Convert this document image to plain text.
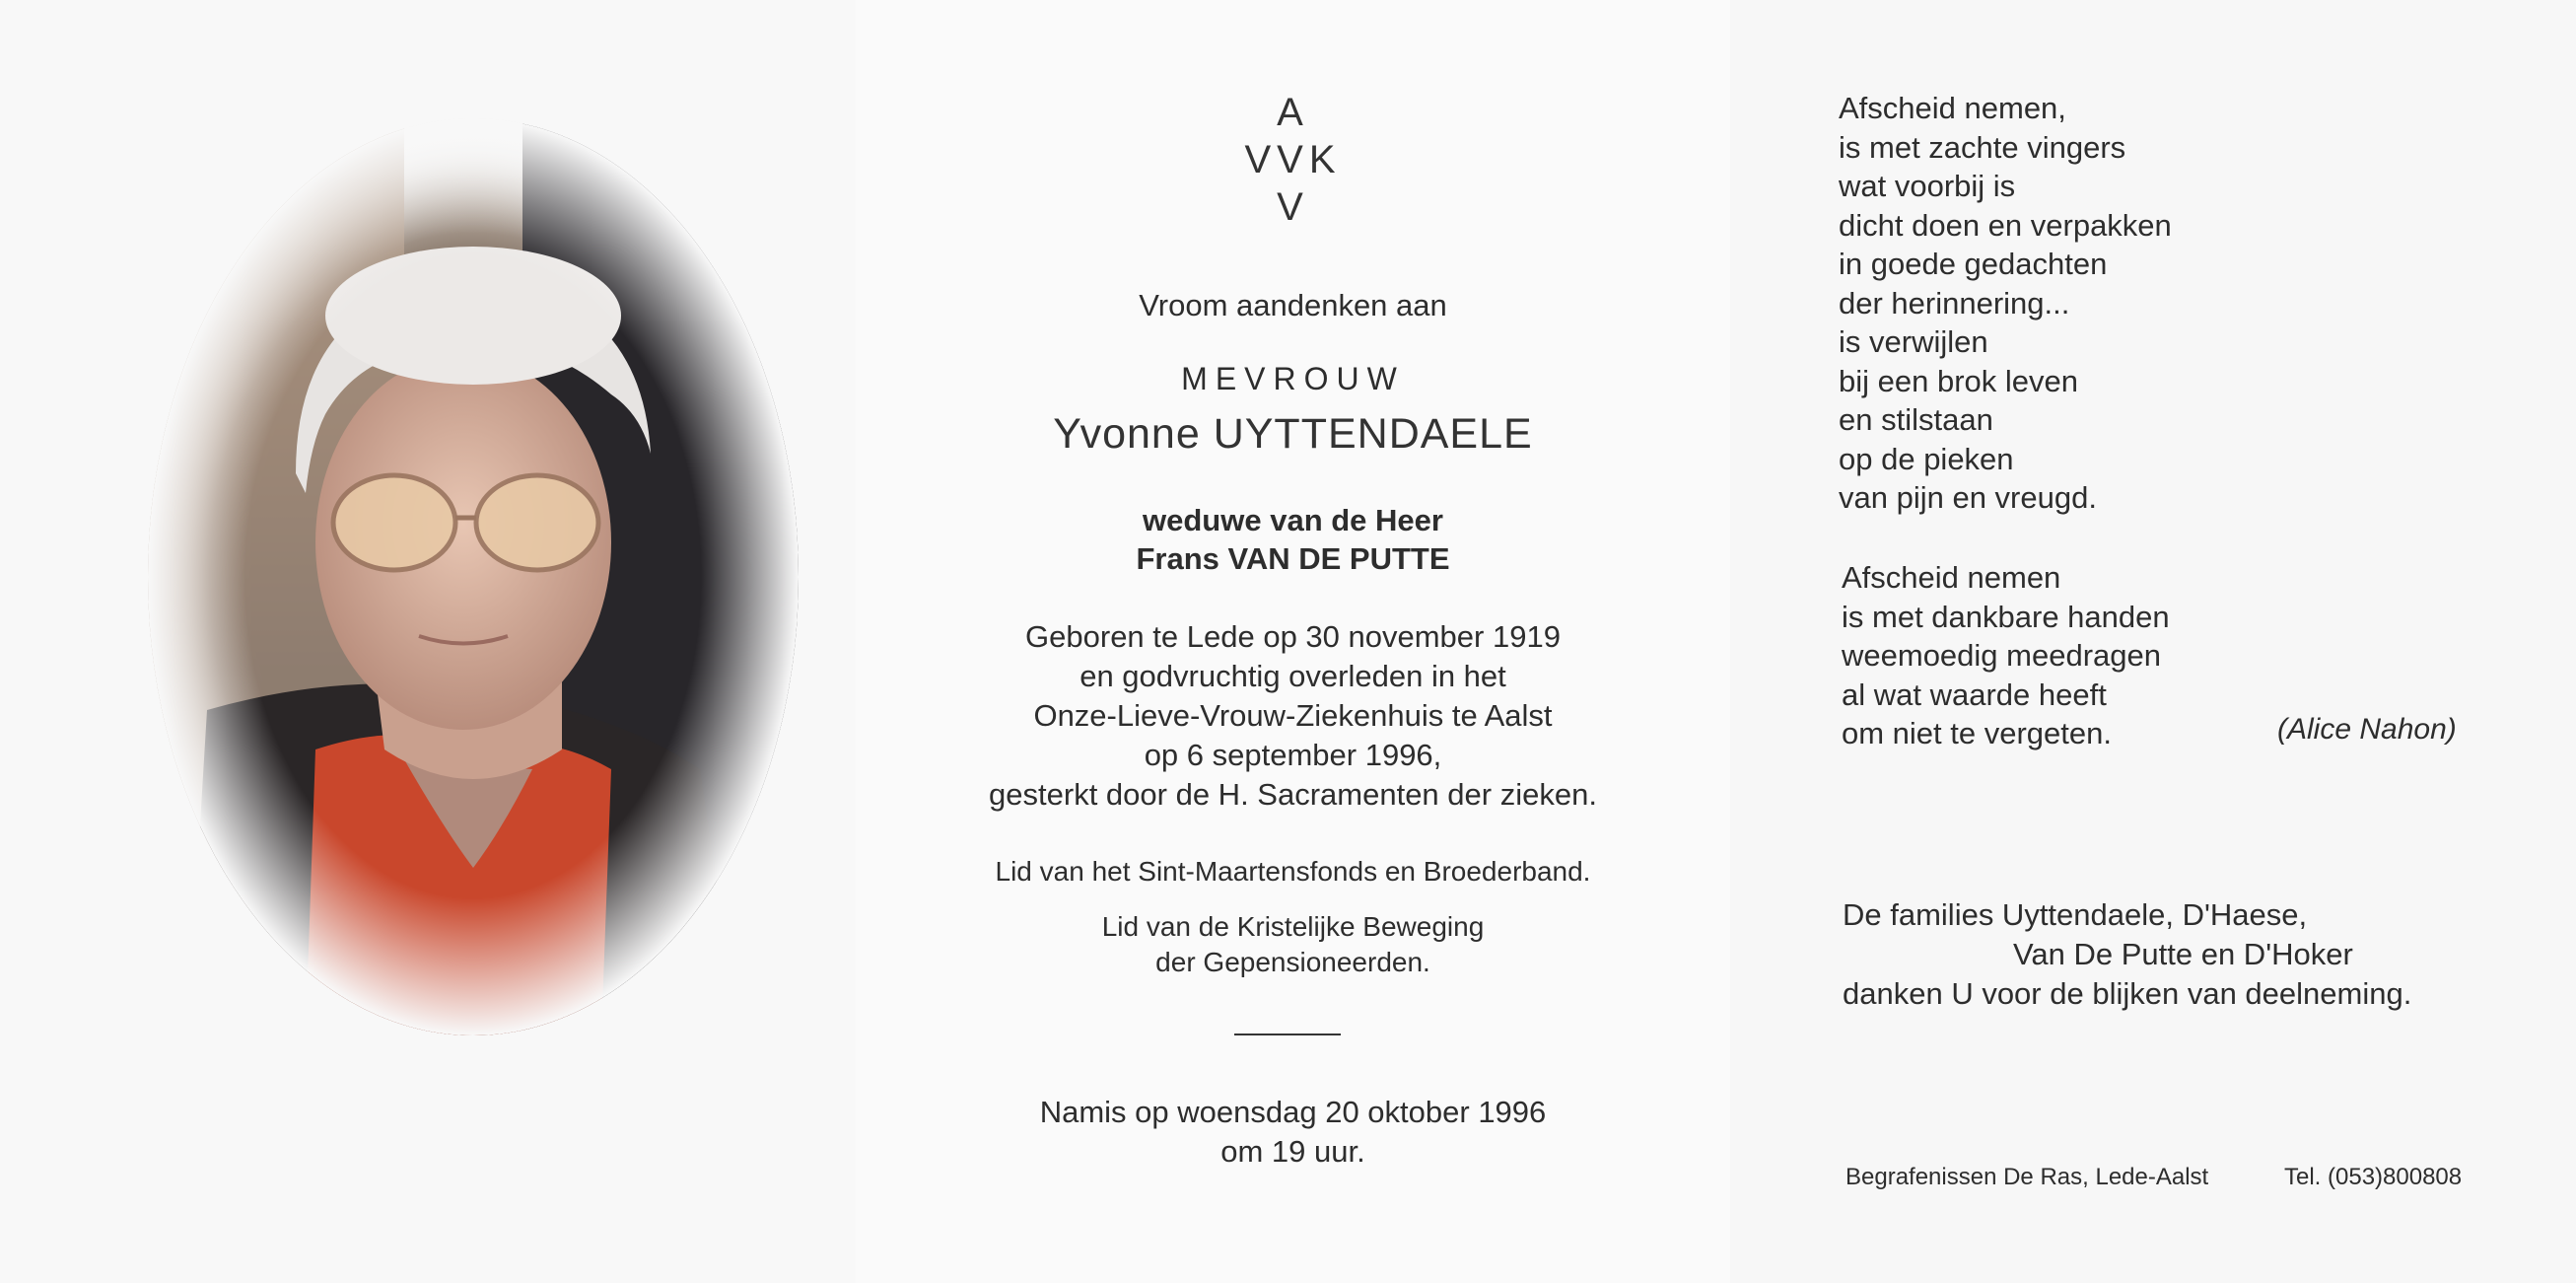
A
VVK
V
Vroom aandenken aan
MEVROUW
Yvonne UYTTENDAELE
weduwe van de Heer
Frans VAN DE PUTTE
Geboren te Lede op 30 november 1919
en godvruchtig overleden in het
Onze-Lieve-Vrouw-Ziekenhuis te Aalst
op 6 september 1996,
gesterkt door de H. Sacramenten der zieken.
Lid van het Sint-Maartensfonds en Broederband.
Lid van de Kristelijke Beweging
der Gepensioneerden.
Namis op woensdag 20 oktober 1996
om 19 uur.
Afscheid nemen,
is met zachte vingers
wat voorbij is
dicht doen en verpakken
in goede gedachten
der herinnering...
is verwijlen
bij een brok leven
en stilstaan
op de pieken
van pijn en vreugd.
Afscheid nemen
is met dankbare handen
weemoedig meedragen
al wat waarde heeft
om niet te vergeten.	(Alice Nahon)
De families Uyttendaele, D'Haese,
Van De Putte en D'Hoker
danken U voor de blijken van deelneming.
Begrafenissen De Ras, Lede-Aalst	Tel. (053)800808
